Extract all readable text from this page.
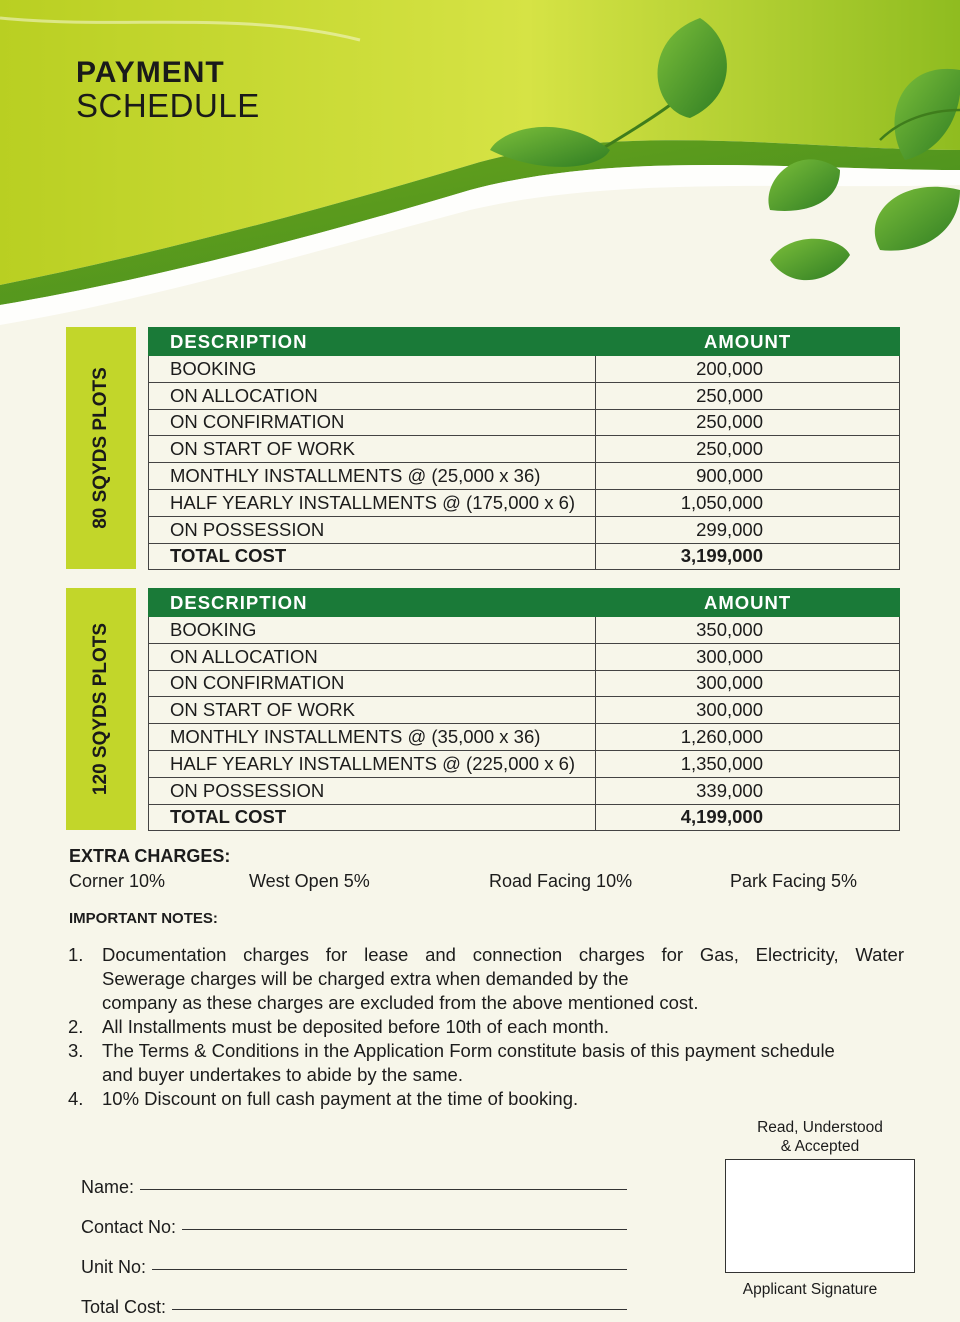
PAYMENT
SCHEDULE
80 SQYDS PLOTS
DESCRIPTION	AMOUNT
BOOKING	200,000
ON ALLOCATION	250,000
ON CONFIRMATION	250,000
ON START OF WORK	250,000
MONTHLY INSTALLMENTS @ (25,000 x 36)	900,000
HALF YEARLY INSTALLMENTS @ (175,000 x 6)	1,050,000
ON POSSESSION	299,000
TOTAL COST	3,199,000
120 SQYDS PLOTS
DESCRIPTION	AMOUNT
BOOKING	350,000
ON ALLOCATION	300,000
ON CONFIRMATION	300,000
ON START OF WORK	300,000
MONTHLY INSTALLMENTS @ (35,000 x 36)	1,260,000
HALF YEARLY INSTALLMENTS @ (225,000 x 6)	1,350,000
ON POSSESSION	339,000
TOTAL COST	4,199,000
EXTRA CHARGES:
Corner 10%	West Open 5%	Road Facing 10%	Park Facing 5%
IMPORTANT NOTES:
1. Documentation charges for lease and connection charges for Gas, Electricity, Water
Sewerage charges will be charged extra when demanded by the
company as these charges are excluded from the above mentioned cost.
2. All Installments must be deposited before 10th of each month.
3. The Terms & Conditions in the Application Form constitute basis of this payment schedule
and buyer undertakes to abide by the same.
4. 10% Discount on full cash payment at the time of booking.
Name:
Contact No:
Unit No:
Total Cost:
Read, Understood
& Accepted
Applicant Signature
